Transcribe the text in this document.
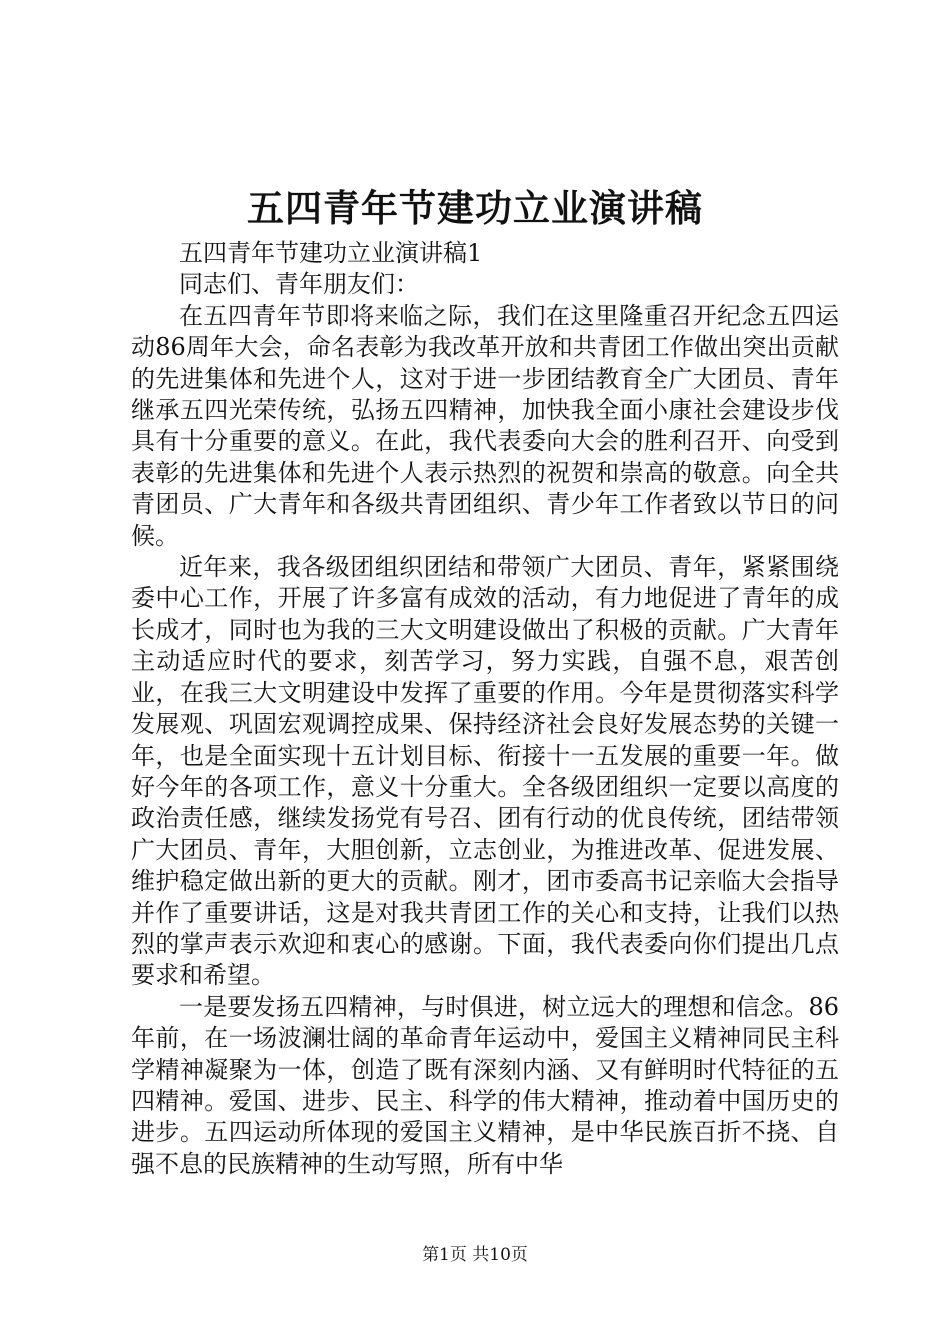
五四青年节建功立业演讲稿

五四青年节建功立业演讲稿1

同志们、青年朋友们：

在五四青年节即将来临之际，我们在这里隆重召开纪念五四运动86周年大会，命名表彰为我改革开放和共青团工作做出突出贡献的先进集体和先进个人，这对于进一步团结教育全广大团员、青年继承五四光荣传统，弘扬五四精神，加快我全面小康社会建设步伐具有十分重要的意义。在此，我代表委向大会的胜利召开、向受到表彰的先进集体和先进个人表示热烈的祝贺和崇高的敬意。向全共青团员、广大青年和各级共青团组织、青少年工作者致以节日的问候。

近年来，我各级团组织团结和带领广大团员、青年，紧紧围绕委中心工作，开展了许多富有成效的活动，有力地促进了青年的成长成才，同时也为我的三大文明建设做出了积极的贡献。广大青年主动适应时代的要求，刻苦学习，努力实践，自强不息，艰苦创业，在我三大文明建设中发挥了重要的作用。今年是贯彻落实科学发展观、巩固宏观调控成果、保持经济社会良好发展态势的关键一年，也是全面实现十五计划目标、衔接十一五发展的重要一年。做好今年的各项工作，意义十分重大。全各级团组织一定要以高度的政治责任感，继续发扬党有号召、团有行动的优良传统，团结带领广大团员、青年，大胆创新，立志创业，为推进改革、促进发展、维护稳定做出新的更大的贡献。刚才，团市委高书记亲临大会指导并作了重要讲话，这是对我共青团工作的关心和支持，让我们以热烈的掌声表示欢迎和衷心的感谢。下面，我代表委向你们提出几点要求和希望。

一是要发扬五四精神，与时俱进，树立远大的理想和信念。86年前，在一场波澜壮阔的革命青年运动中，爱国主义精神同民主科学精神凝聚为一体，创造了既有深刻内涵、又有鲜明时代特征的五四精神。爱国、进步、民主、科学的伟大精神，推动着中国历史的进步。五四运动所体现的爱国主义精神，是中华民族百折不挠、自强不息的民族精神的生动写照，所有中华

第1页 共10页
